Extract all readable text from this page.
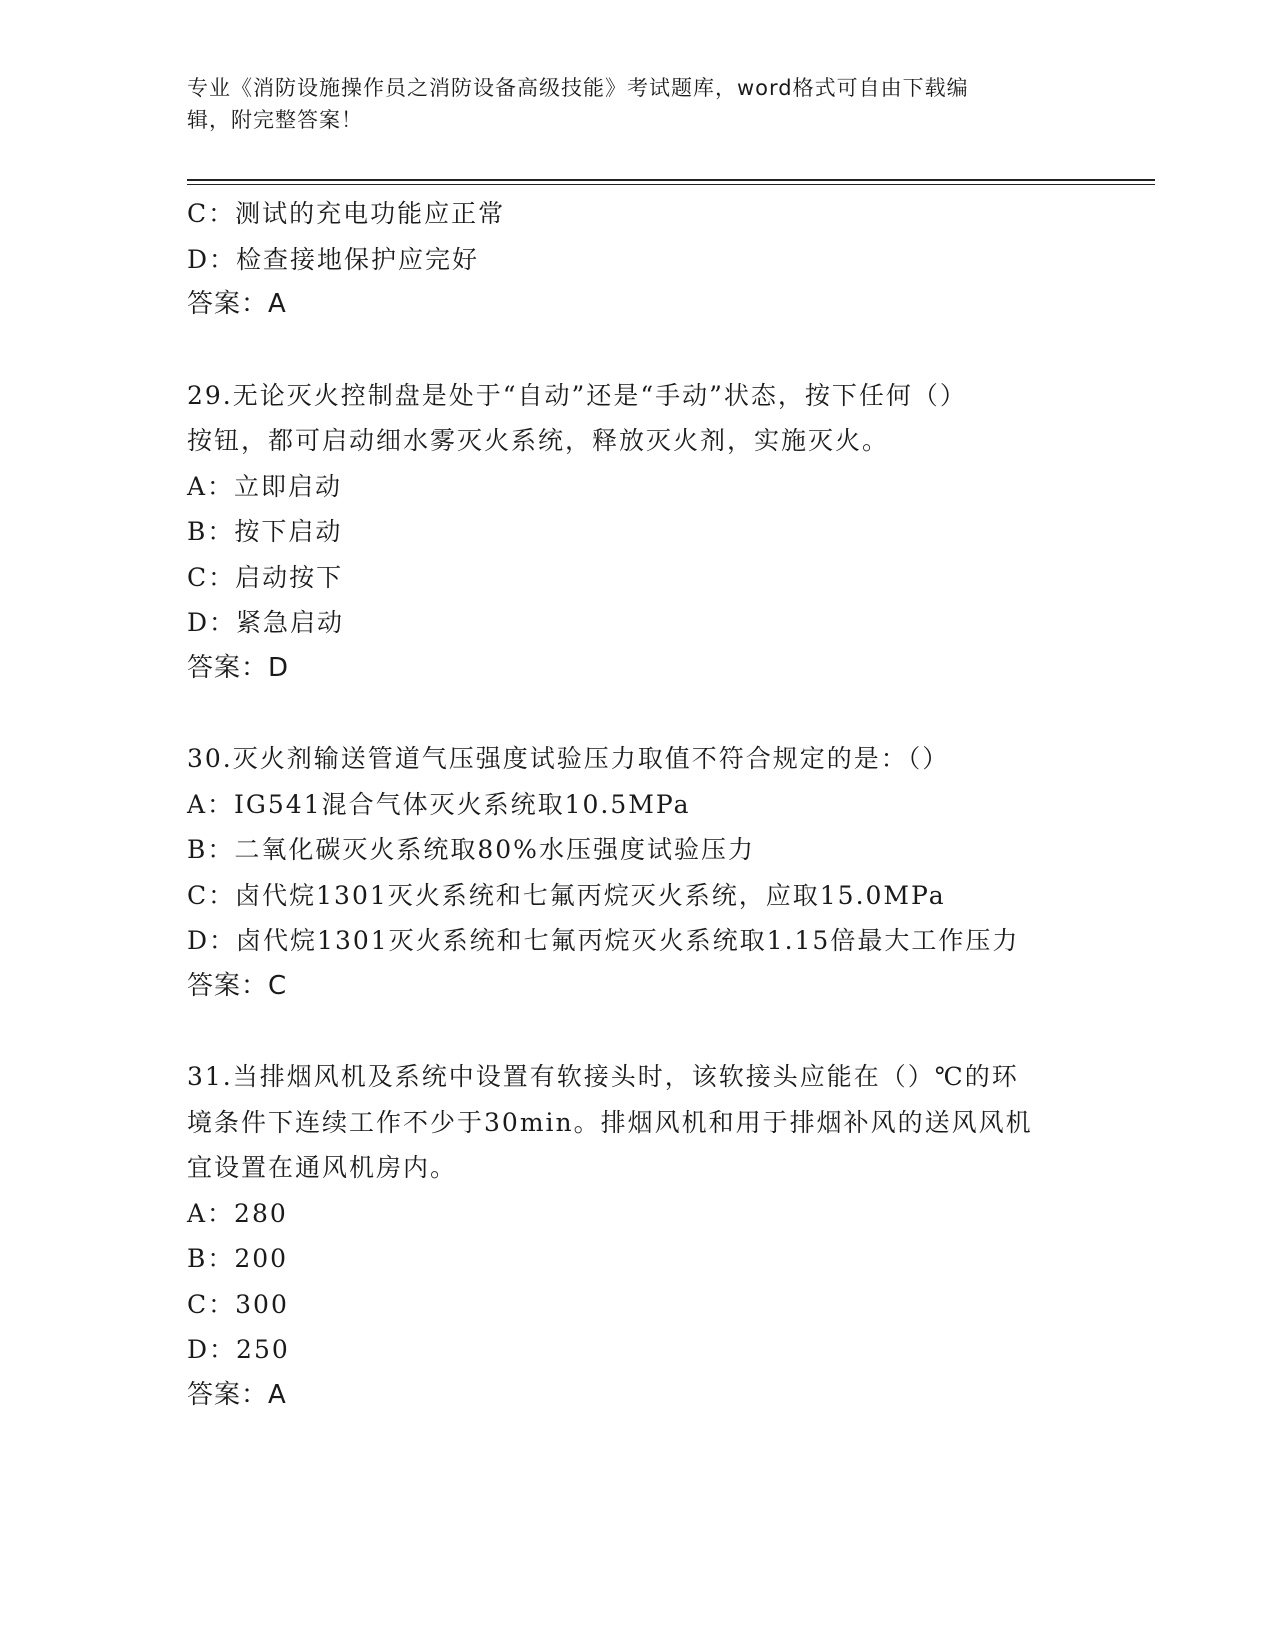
专业《消防设施操作员之消防设备高级技能》考试题库，word格式可自由下载编
辑，附完整答案！
C：测试的充电功能应正常
D：检查接地保护应完好
答案：A
29.无论灭火控制盘是处于“自动”还是“手动”状态，按下任何（）
按钮，都可启动细水雾灭火系统，释放灭火剂，实施灭火。
A：立即启动
B：按下启动
C：启动按下
D：紧急启动
答案：D
30.灭火剂输送管道气压强度试验压力取值不符合规定的是：（）
A：IG541混合气体灭火系统取10.5MPa
B：二氧化碳灭火系统取80%水压强度试验压力
C：卤代烷1301灭火系统和七氟丙烷灭火系统，应取15.0MPa
D：卤代烷1301灭火系统和七氟丙烷灭火系统取1.15倍最大工作压力
答案：C
31.当排烟风机及系统中设置有软接头时，该软接头应能在（）℃的环
境条件下连续工作不少于30min。排烟风机和用于排烟补风的送风风机
宜设置在通风机房内。
A：280
B：200
C：300
D：250
答案：A
